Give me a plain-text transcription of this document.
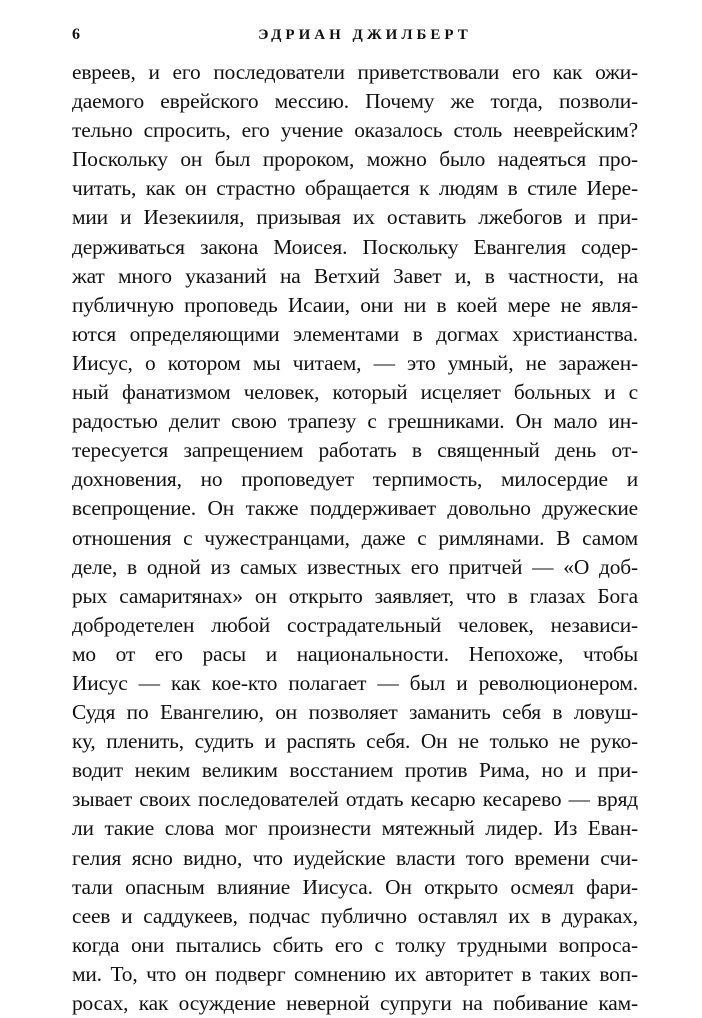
6	ЭДРИАН ДЖИЛБЕРТ
евреев, и его последователи приветствовали его как ожи-
даемого еврейского мессию. Почему же тогда, позволи-
тельно спросить, его учение оказалось столь нееврейским?
Поскольку он был пророком, можно было надеяться про-
читать, как он страстно обращается к людям в стиле Иере-
мии и Иезекииля, призывая их оставить лжебогов и при-
держиваться закона Моисея. Поскольку Евангелия содер-
жат много указаний на Ветхий Завет и, в частности, на
публичную проповедь Исаии, они ни в коей мере не явля-
ются определяющими элементами в догмах христианства.
Иисус, о котором мы читаем, — это умный, не заражен-
ный фанатизмом человек, который исцеляет больных и с
радостью делит свою трапезу с грешниками. Он мало ин-
тересуется запрещением работать в священный день от-
дохновения, но проповедует терпимость, милосердие и
всепрощение. Он также поддерживает довольно дружеские
отношения с чужестранцами, даже с римлянами. В самом
деле, в одной из самых известных его притчей — «О доб-
рых самаритянах» он открыто заявляет, что в глазах Бога
добродетелен любой сострадательный человек, независи-
мо от его расы и национальности. Непохоже, чтобы
Иисус — как кое-кто полагает — был и революционером.
Судя по Евангелию, он позволяет заманить себя в ловуш-
ку, пленить, судить и распять себя. Он не только не руко-
водит неким великим восстанием против Рима, но и при-
зывает своих последователей отдать кесарю кесарево — вряд
ли такие слова мог произнести мятежный лидер. Из Еван-
гелия ясно видно, что иудейские власти того времени счи-
тали опасным влияние Иисуса. Он открыто осмеял фари-
сеев и саддукеев, подчас публично оставлял их в дураках,
когда они пытались сбить его с толку трудными вопроса-
ми. То, что он подверг сомнению их авторитет в таких воп-
росах, как осуждение неверной супруги на побивание кам-
